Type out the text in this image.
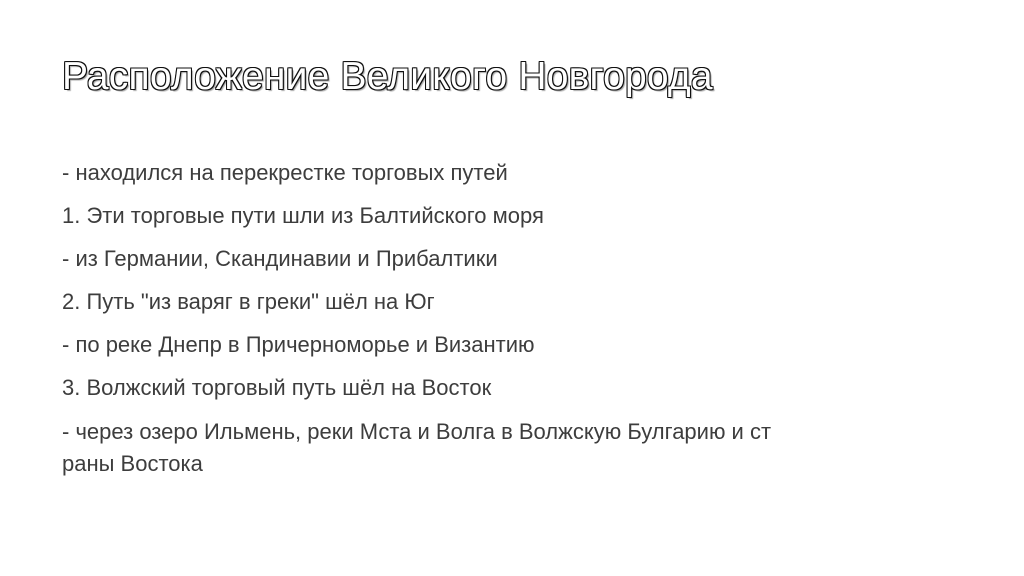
Расположение Великого Новгорода

- находился на перекрестке торговых путей

1. Эти торговые пути шли из Балтийского моря

- из Германии, Скандинавии и Прибалтики

2. Путь "из варяг в греки" шёл на Юг

- по реке Днепр в Причерноморье и Византию

3. Волжский торговый путь шёл на Восток

- через озеро Ильмень, реки Мста и Волга в Волжскую Булгарию и страны Востока
